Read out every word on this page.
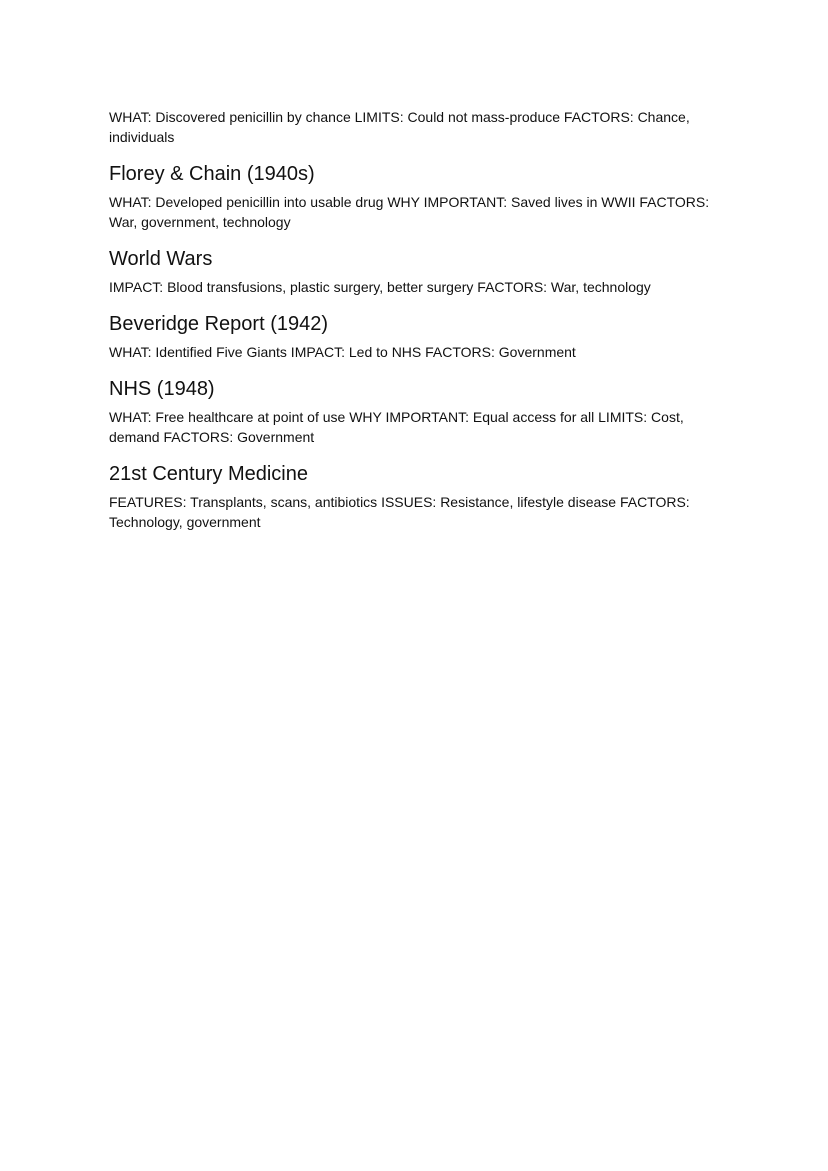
WHAT: Discovered penicillin by chance LIMITS: Could not mass-produce FACTORS: Chance, individuals

Florey & Chain (1940s)

WHAT: Developed penicillin into usable drug WHY IMPORTANT: Saved lives in WWII FACTORS: War, government, technology

World Wars

IMPACT: Blood transfusions, plastic surgery, better surgery FACTORS: War, technology

Beveridge Report (1942)

WHAT: Identified Five Giants IMPACT: Led to NHS FACTORS: Government

NHS (1948)

WHAT: Free healthcare at point of use WHY IMPORTANT: Equal access for all LIMITS: Cost, demand FACTORS: Government

21st Century Medicine

FEATURES: Transplants, scans, antibiotics ISSUES: Resistance, lifestyle disease FACTORS: Technology, government
